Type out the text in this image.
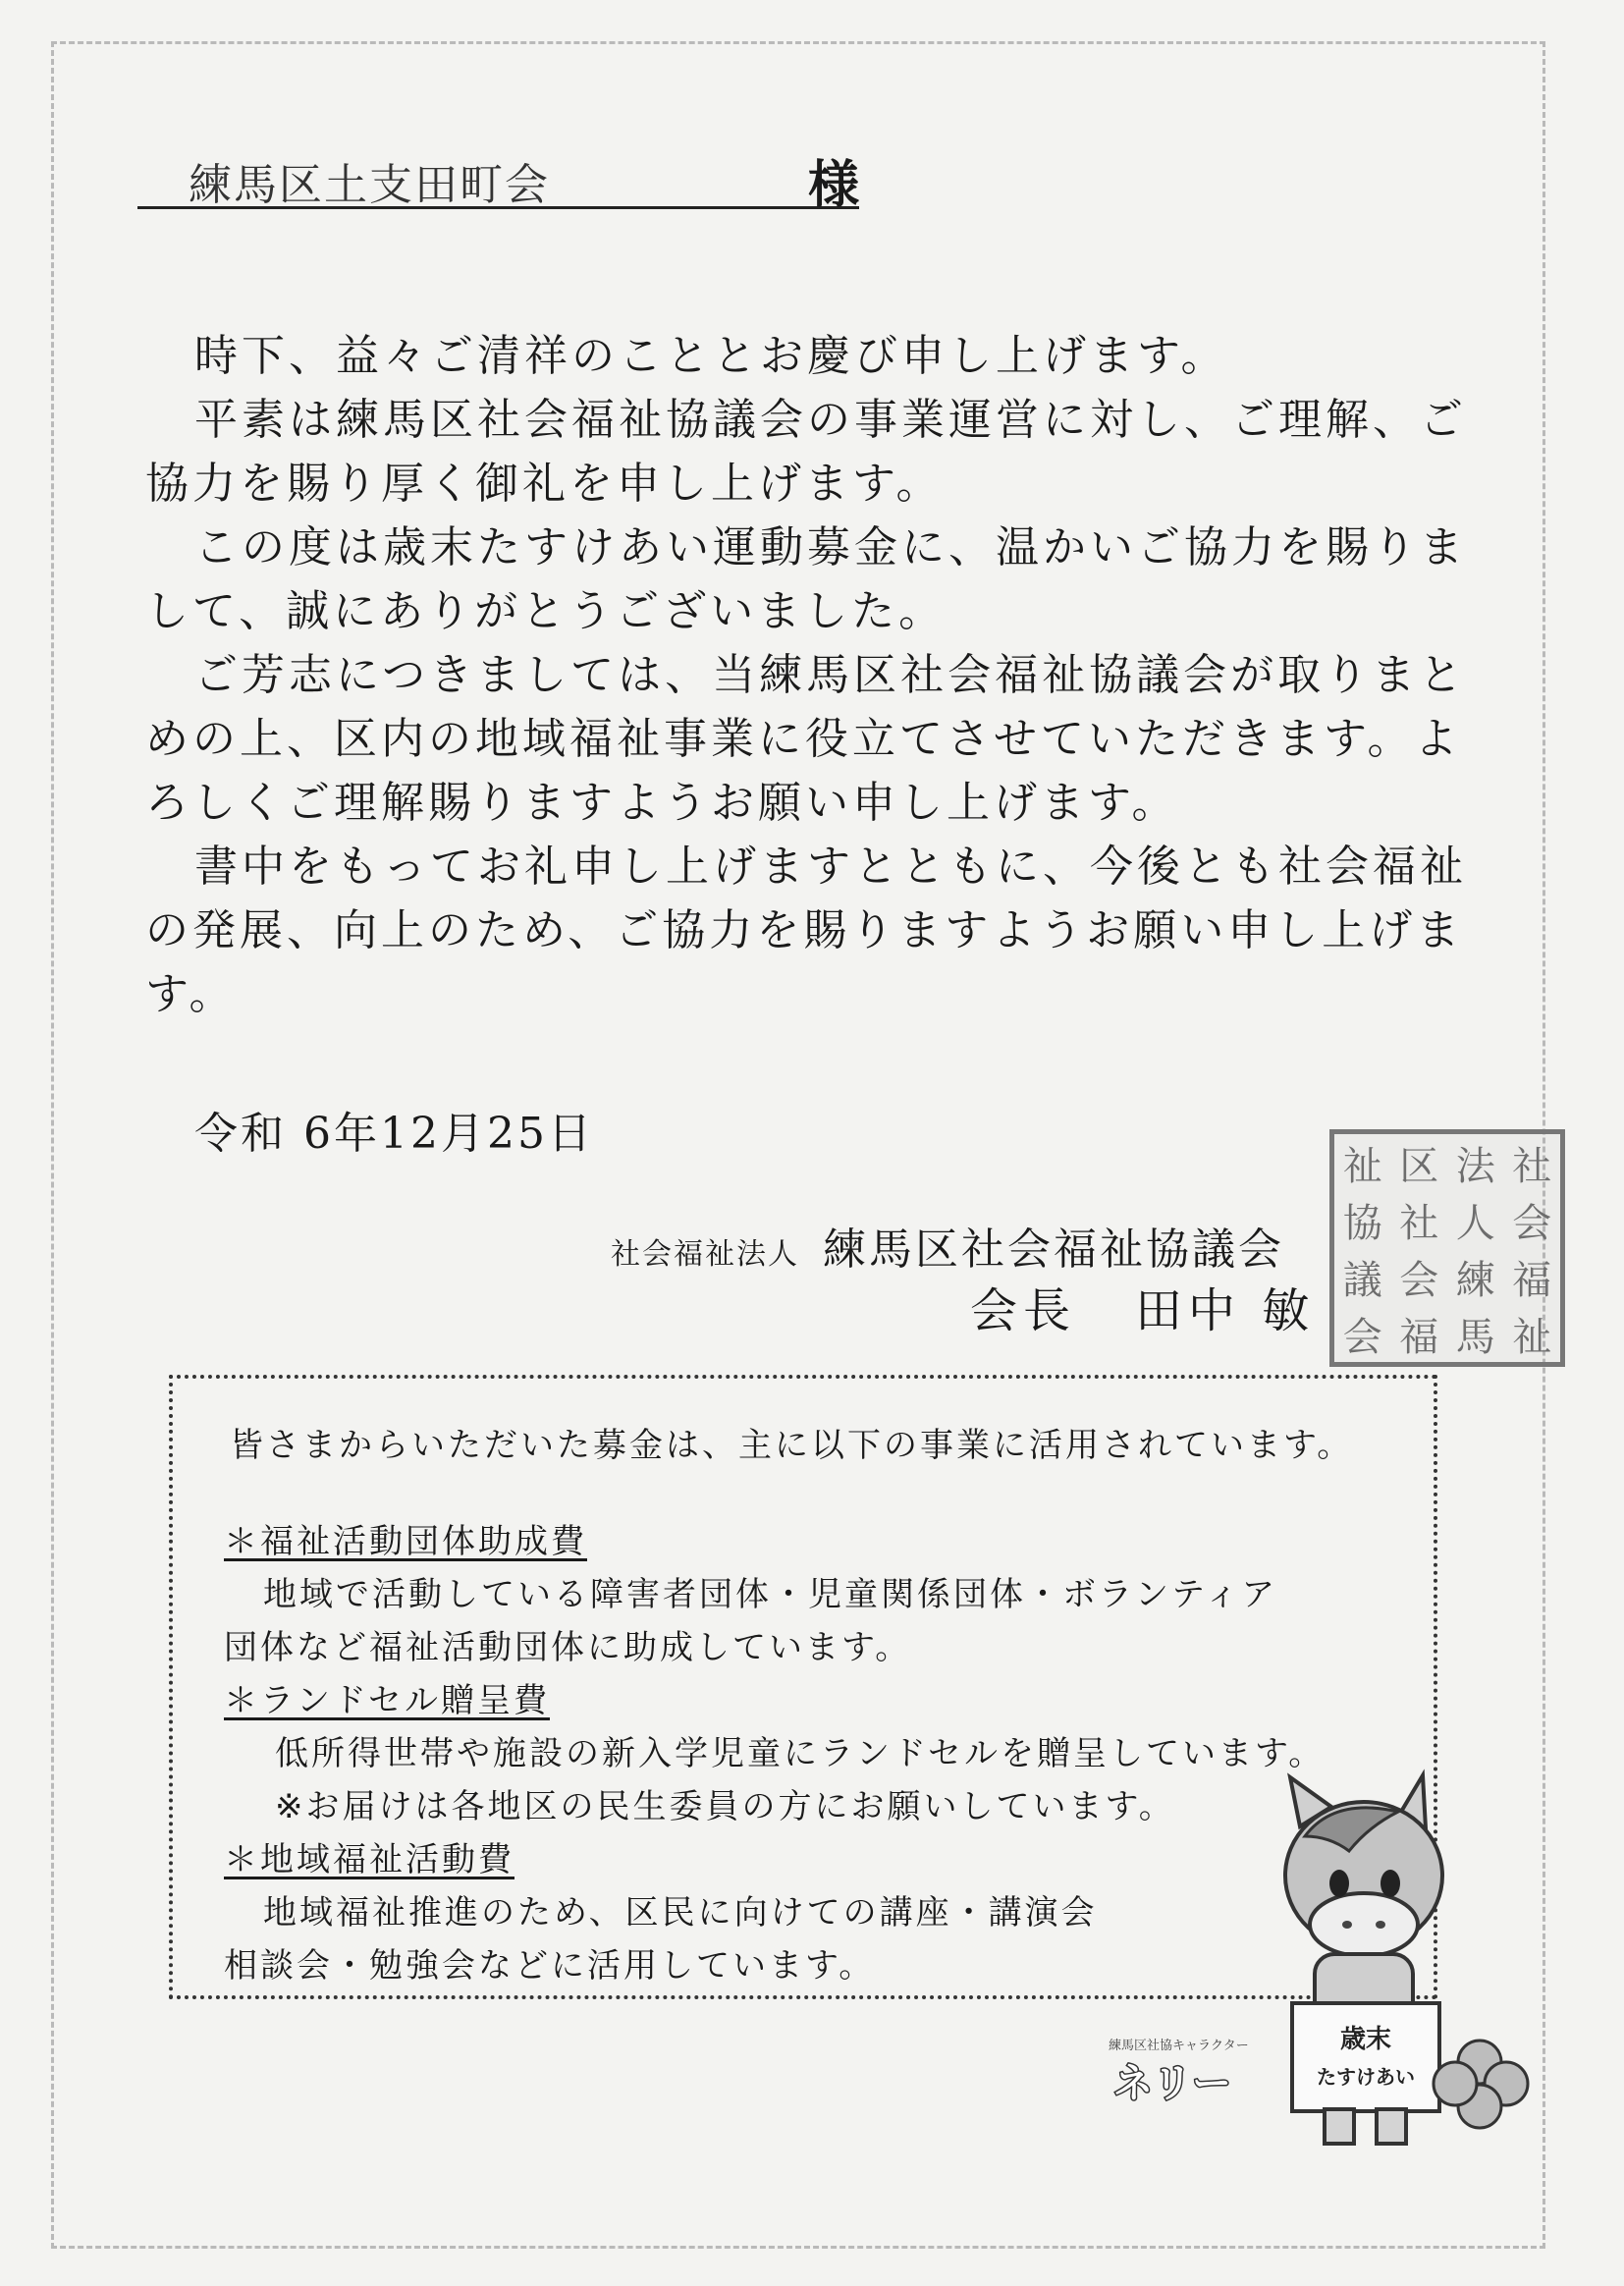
練馬区土支田町会	様

時下、益々ご清祥のこととお慶び申し上げます。

平素は練馬区社会福祉協議会の事業運営に対し、ご理解、ご協力を賜り厚く御礼を申し上げます。

この度は歳末たすけあい運動募金に、温かいご協力を賜りまして、誠にありがとうございました。

ご芳志につきましては、当練馬区社会福祉協議会が取りまとめの上、区内の地域福祉事業に役立てさせていただきます。よろしくご理解賜りますようお願い申し上げます。

書中をもってお礼申し上げますとともに、今後とも社会福祉の発展、向上のため、ご協力を賜りますようお願い申し上げます。

令和 6年12月25日
社会福祉法人 練馬区社会福祉協議会
会長 田中 敏
祉 区 法 社
協 社 人 会
議 会 練 福
会 福 馬 祉
皆さまからいただいた募金は、主に以下の事業に活用されています。
＊福祉活動団体助成費
地域で活動している障害者団体・児童関係団体・ボランティア
団体など福祉活動団体に助成しています。
＊ランドセル贈呈費
低所得世帯や施設の新入学児童にランドセルを贈呈しています。
※お届けは各地区の民生委員の方にお願いしています。
＊地域福祉活動費
地域福祉推進のため、区民に向けての講座・講演会
相談会・勉強会などに活用しています。
練馬区社協キャラクター
ネリー
歳末
たすけあい
